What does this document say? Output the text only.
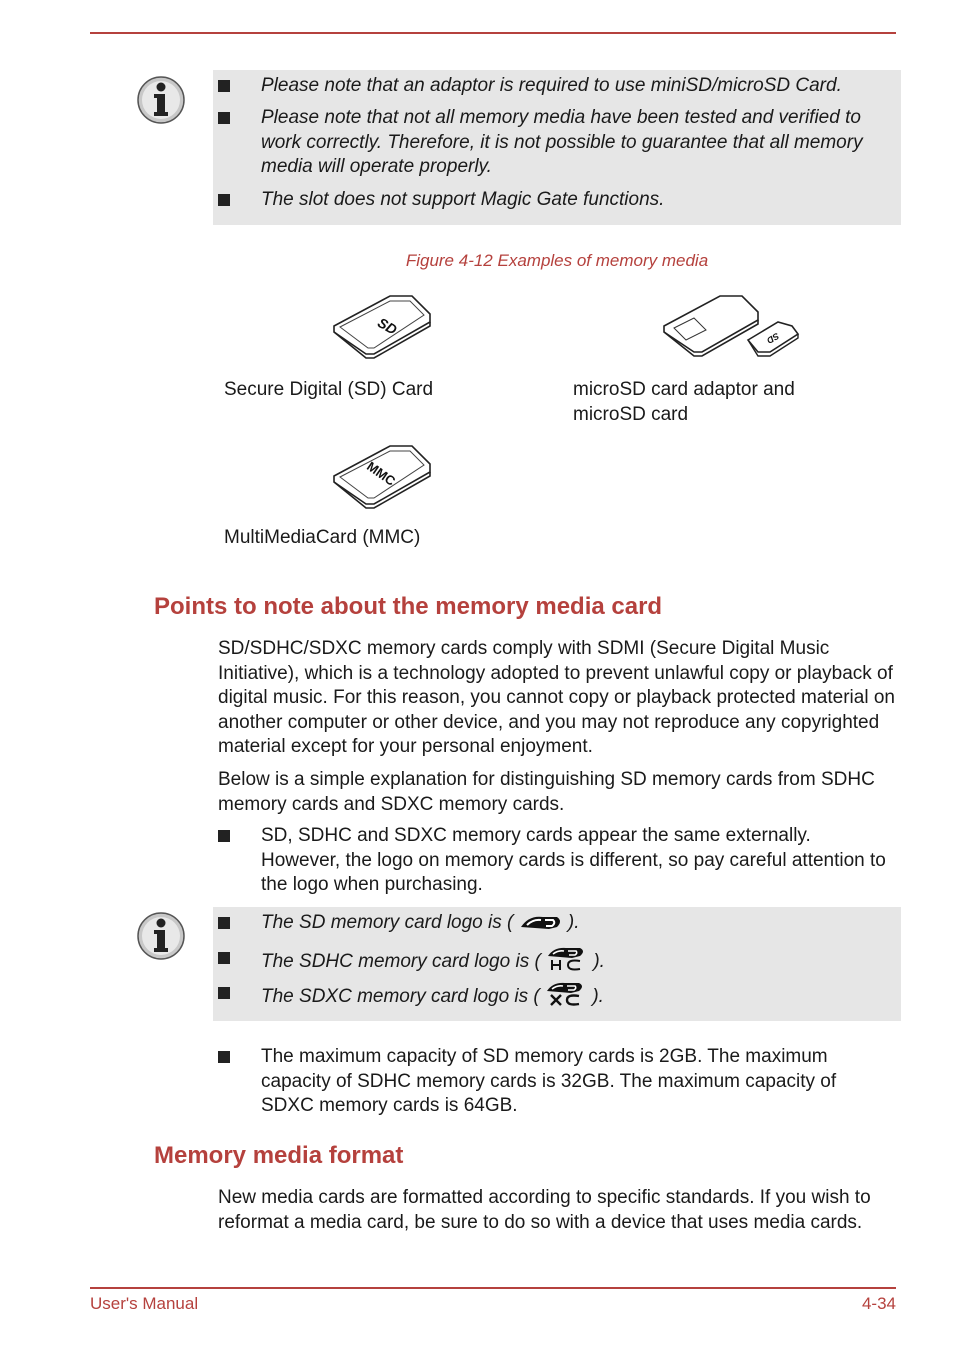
Please note that an adaptor is required to use miniSD/microSD Card.
Please note that not all memory media have been tested and verified to work correctly. Therefore, it is not possible to guarantee that all memory media will operate properly.
The slot does not support Magic Gate functions.
Figure 4-12 Examples of memory media
SD
SD
Secure Digital (SD) Card	microSD card adaptor and microSD card
MMC
MultiMediaCard (MMC)
Points to note about the memory media card
SD/SDHC/SDXC memory cards comply with SDMI (Secure Digital Music Initiative), which is a technology adopted to prevent unlawful copy or playback of digital music. For this reason, you cannot copy or playback protected material on another computer or other device, and you may not reproduce any copyrighted material except for your personal enjoyment.
Below is a simple explanation for distinguishing SD memory cards from SDHC memory cards and SDXC memory cards.
SD, SDHC and SDXC memory cards appear the same externally. However, the logo on memory cards is different, so pay careful attention to the logo when purchasing.
The SD memory card logo is (	).
The SDHC memory card logo is (	).
The SDXC memory card logo is (	).
The maximum capacity of SD memory cards is 2GB. The maximum capacity of SDHC memory cards is 32GB. The maximum capacity of SDXC memory cards is 64GB.
Memory media format
New media cards are formatted according to specific standards. If you wish to reformat a media card, be sure to do so with a device that uses media cards.
User's Manual	4-34
